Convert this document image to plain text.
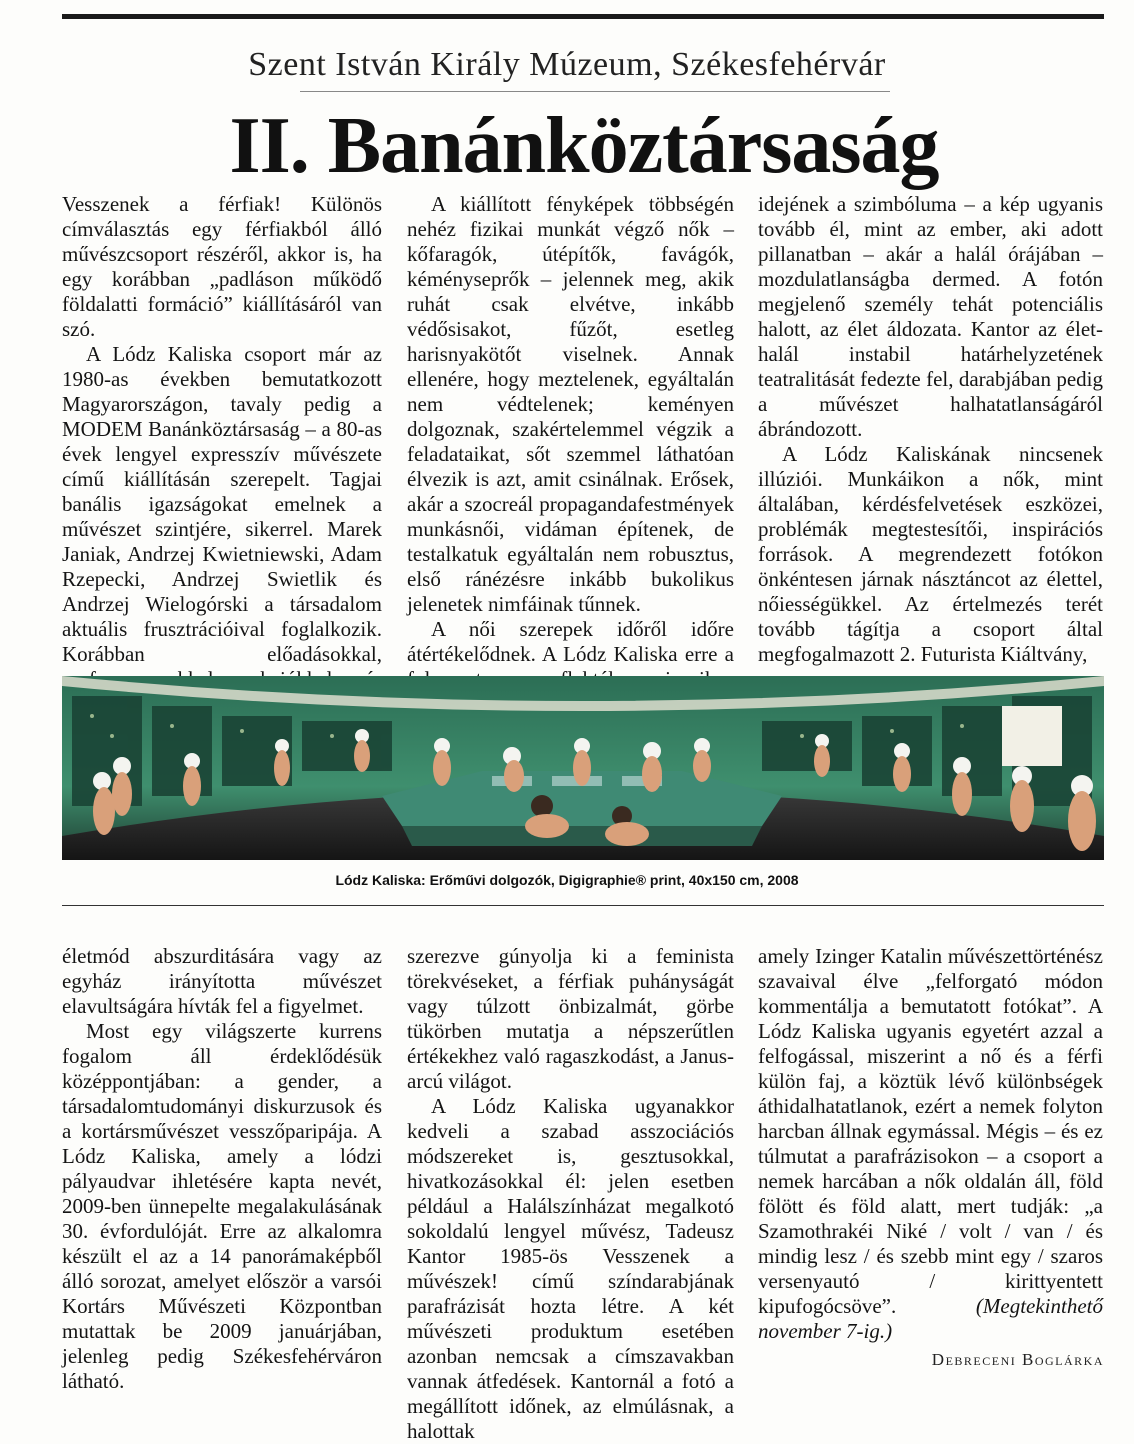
Szent István Király Múzeum, Székesfehérvár
II. Banánköztársaság

Vesszenek a férfiak! Különös címválasztás egy férfiakból álló művészcsoport részéről, akkor is, ha egy korábban „padláson működő földalatti formáció” kiállításáról van szó.

A Lódz Kaliska csoport már az 1980-as években bemutatkozott Magyarországon, tavaly pedig a MODEM Banánköztársaság – a 80-as évek lengyel expresszív művészete című kiállításán szerepelt. Tagjai banális igazságokat emelnek a művészet szintjére, sikerrel. Marek Janiak, Andrzej Kwietniewski, Adam Rzepecki, Andrzej Swietlik és Andrzej Wielogórski a társadalom aktuális frusztrációival foglalkozik. Korábban előadásokkal,

A kiállított fényképek többségén nehéz fizikai munkát végző nők – kőfaragók, útépítők, favágók, kéményseprők – jelennek meg, akik ruhát csak elvétve, inkább védősisakot, fűzőt, esetleg harisnyakötőt viselnek. Annak ellenére, hogy meztelenek, egyáltalán nem védtelenek; keményen dolgoznak, szakértelemmel végzik a feladataikat, sőt szemmel láthatóan élvezik is azt, amit csinálnak. Erősek, akár a szocreál propagandafestmények munkásnői, vidáman építenek, de testalkatuk egyáltalán nem robusztus, első ránézésre inkább bukolikus jelenetek nimfáinak tűnnek.

A női szerepek időről időre átértékelődnek. A Lódz Kaliska erre a

idejének a szimbóluma – a kép ugyanis tovább él, mint az ember, aki adott pillanatban – akár a halál órájában – mozdulatlanságba dermed. A fotón megjelenő személy tehát potenciális halott, az élet áldozata. Kantor az élet-halál instabil határhelyzetének teatralitását fedezte fel, darabjában pedig a művészet halhatatlanságáról ábrándozott.

A Lódz Kaliskának nincsenek illúziói. Munkáikon a nők, mint általában, kérdésfelvetések eszközei, problémák megtestesítői, inspirációs források. A megrendezett fotókon önkéntesen járnak násztáncot az élettel, nőiességükkel. Az értelmezés terét tovább tágítja a csoport által megfogalmazott 2. Futurista Kiáltvány,

Lódz Kaliska: Erőművi dolgozók, Digigraphie® print, 40x150 cm, 2008

életmód abszurditására vagy az egyház irányította művészet elavultságára hívták fel a figyelmet.

Most egy világszerte kurrens fogalom áll érdeklődésük középpontjában: a gender, a társadalomtudományi diskurzusok és a kortársművészet vesszőparipája. A Lódz Kaliska, amely a lódzi pályaudvar ihletésére kapta nevét, 2009-ben ünnepelte megalakulásának 30. évfordulóját. Erre az alkalomra készült el az a 14 panorámaképből álló sorozat, amelyet először a varsói Kortárs Művészeti Központban mutattak be 2009 januárjában, jelenleg pedig Székesfehérváron látható.

szerezve gúnyolja ki a feminista törekvéseket, a férfiak puhányságát vagy túlzott önbizalmát, görbe tükörben mutatja a népszerűtlen értékekhez való ragaszkodást, a Janus-arcú világot.

A Lódz Kaliska ugyanakkor kedveli a szabad asszociációs módszereket is, gesztusokkal, hivatkozásokkal él: jelen esetben például a Halálszínházat megalkotó sokoldalú lengyel művész, Tadeusz Kantor 1985-ös Vesszenek a művészek! című színdarabjának parafrázisát hozta létre. A két művészeti produktum esetében azonban nemcsak a címszavakban vannak átfedések. Kantornál a fotó a megállított időnek, az elmúlásnak, a halottak

amely Izinger Katalin művészettörténész szavaival élve „felforgató módon kommentálja a bemutatott fotókat”. A Lódz Kaliska ugyanis egyetért azzal a felfogással, miszerint a nő és a férfi külön faj, a köztük lévő különbségek áthidalhatatlanok, ezért a nemek folyton harcban állnak egymással. Mégis – és ez túlmutat a parafrázisokon – a csoport a nemek harcában a nők oldalán áll, föld fölött és föld alatt, mert tudják: „a Szamothrakéi Niké / volt / van / és mindig lesz / és szebb mint egy / szaros versenyautó / kirittyentett kipufogócsöve”.	(Megtekinthető november 7-ig.)

Debreceni Boglárka
